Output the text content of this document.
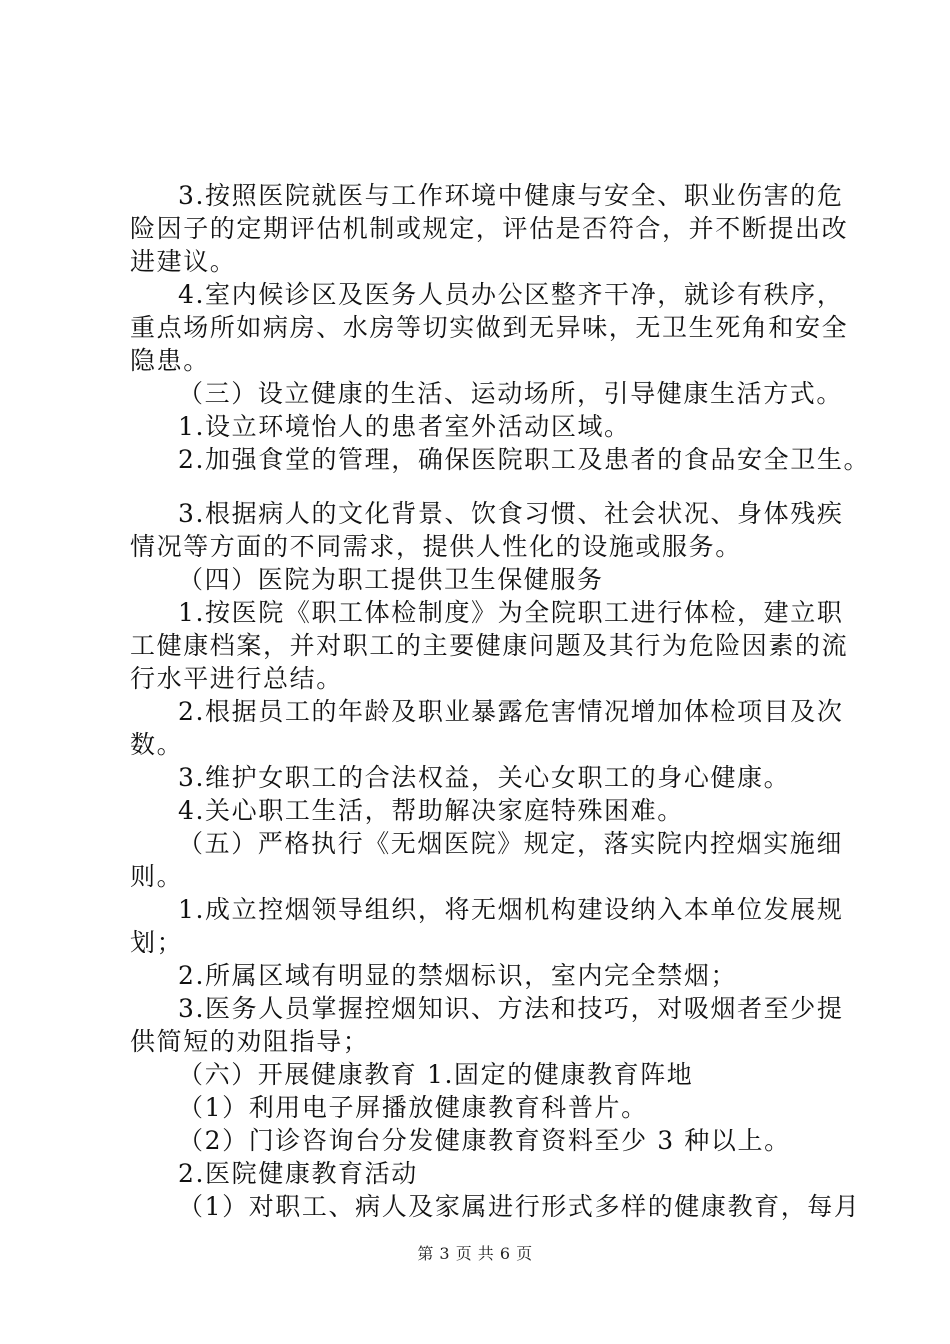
3.按照医院就医与工作环境中健康与安全、职业伤害的危
险因子的定期评估机制或规定，评估是否符合，并不断提出改
进建议。
4.室内候诊区及医务人员办公区整齐干净，就诊有秩序，
重点场所如病房、水房等切实做到无异味，无卫生死角和安全
隐患。
（三）设立健康的生活、运动场所，引导健康生活方式。
1.设立环境怡人的患者室外活动区域。
2.加强食堂的管理，确保医院职工及患者的食品安全卫生。
3.根据病人的文化背景、饮食习惯、社会状况、身体残疾
情况等方面的不同需求，提供人性化的设施或服务。
（四）医院为职工提供卫生保健服务
1.按医院《职工体检制度》为全院职工进行体检，建立职
工健康档案，并对职工的主要健康问题及其行为危险因素的流
行水平进行总结。
2.根据员工的年龄及职业暴露危害情况增加体检项目及次
数。
3.维护女职工的合法权益，关心女职工的身心健康。
4.关心职工生活，帮助解决家庭特殊困难。
（五）严格执行《无烟医院》规定，落实院内控烟实施细
则。
1.成立控烟领导组织，将无烟机构建设纳入本单位发展规
划；
2.所属区域有明显的禁烟标识，室内完全禁烟；
3.医务人员掌握控烟知识、方法和技巧，对吸烟者至少提
供简短的劝阻指导；
（六）开展健康教育 1.固定的健康教育阵地
（1）利用电子屏播放健康教育科普片。
（2）门诊咨询台分发健康教育资料至少 3 种以上。
2.医院健康教育活动
（1）对职工、病人及家属进行形式多样的健康教育，每月
第 3 页 共 6 页
